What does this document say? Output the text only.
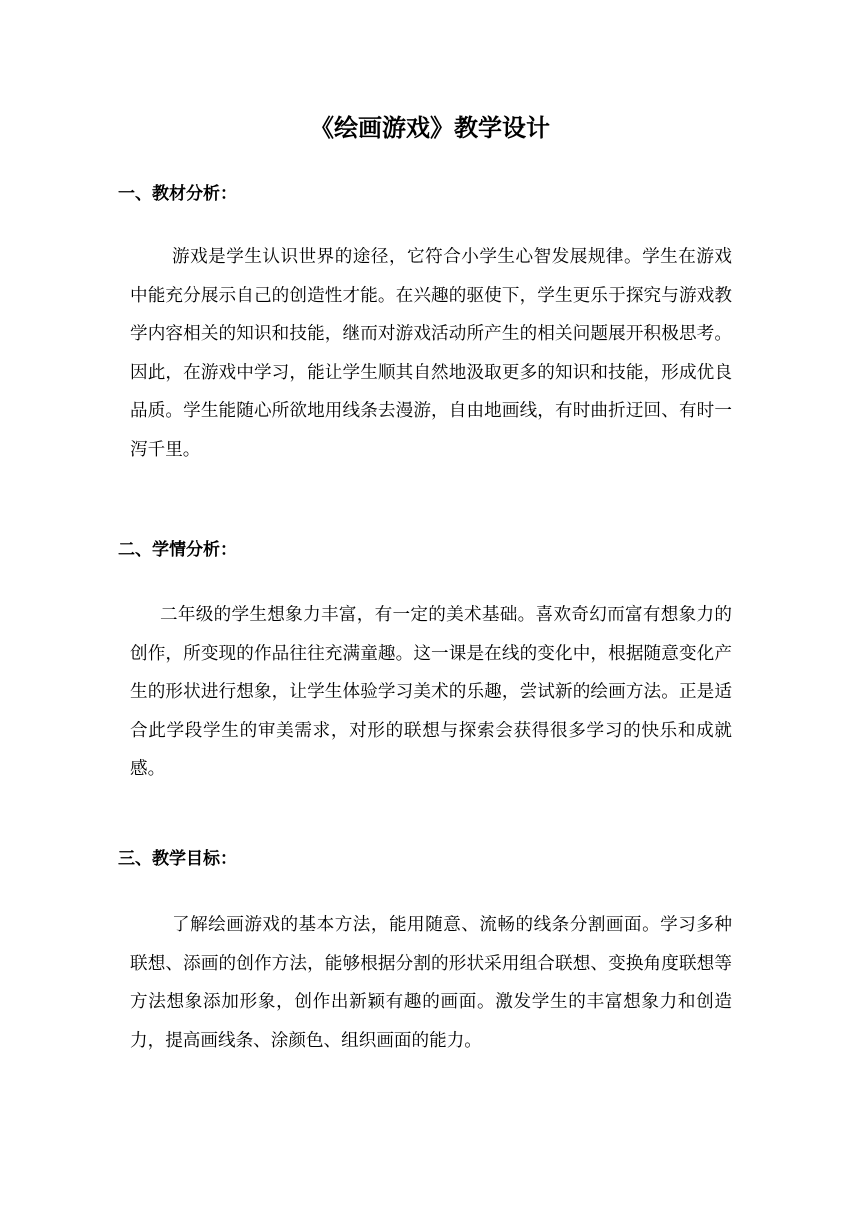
《绘画游戏》教学设计
一、教材分析：
游戏是学生认识世界的途径，它符合小学生心智发展规律。学生在游戏中能充分展示自己的创造性才能。在兴趣的驱使下，学生更乐于探究与游戏教学内容相关的知识和技能，继而对游戏活动所产生的相关问题展开积极思考。因此，在游戏中学习，能让学生顺其自然地汲取更多的知识和技能，形成优良品质。学生能随心所欲地用线条去漫游，自由地画线，有时曲折迂回、有时一泻千里。
二、学情分析：
二年级的学生想象力丰富，有一定的美术基础。喜欢奇幻而富有想象力的创作，所变现的作品往往充满童趣。这一课是在线的变化中，根据随意变化产生的形状进行想象，让学生体验学习美术的乐趣，尝试新的绘画方法。正是适合此学段学生的审美需求，对形的联想与探索会获得很多学习的快乐和成就感。
三、教学目标：
了解绘画游戏的基本方法，能用随意、流畅的线条分割画面。学习多种联想、添画的创作方法，能够根据分割的形状采用组合联想、变换角度联想等方法想象添加形象，创作出新颖有趣的画面。激发学生的丰富想象力和创造力，提高画线条、涂颜色、组织画面的能力。
